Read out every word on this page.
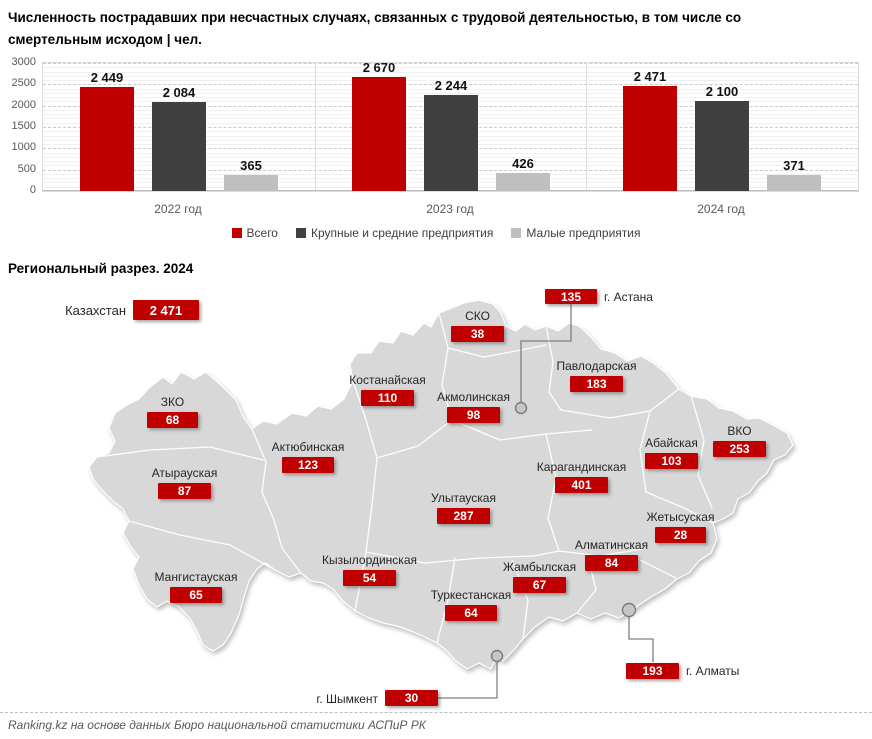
Численность пострадавших при несчастных случаях, связанных с трудовой деятельностью, в том числе со смертельным исходом | чел.
0
500
1000
1500
2000
2500
3000
2 449
2 670
2 471
2 084	2 244	2 100
365	426	371
2022 год	2023 год	2024 год
Всего	Крупные и средние предприятия	Малые предприятия
Региональный разрез. 2024
2 471
Казахстан
135	г. Астана
38
СКО
183
Павлодарская
110
Костанайская
98
Акмолинская
68
ЗКО
253
ВКО
123
Актюбинская
103
Абайская
401
Карагандинская
87
Атырауская
287
Улытауская
28
Жетысуская
84
Алматинская
54
Кызылординская
67
Жамбылская
65
Мангистауская
64
Туркестанская
193	г. Алматы
30
г. Шымкент
Ranking.kz на основе данных Бюро национальной статистики АСПиР РК
